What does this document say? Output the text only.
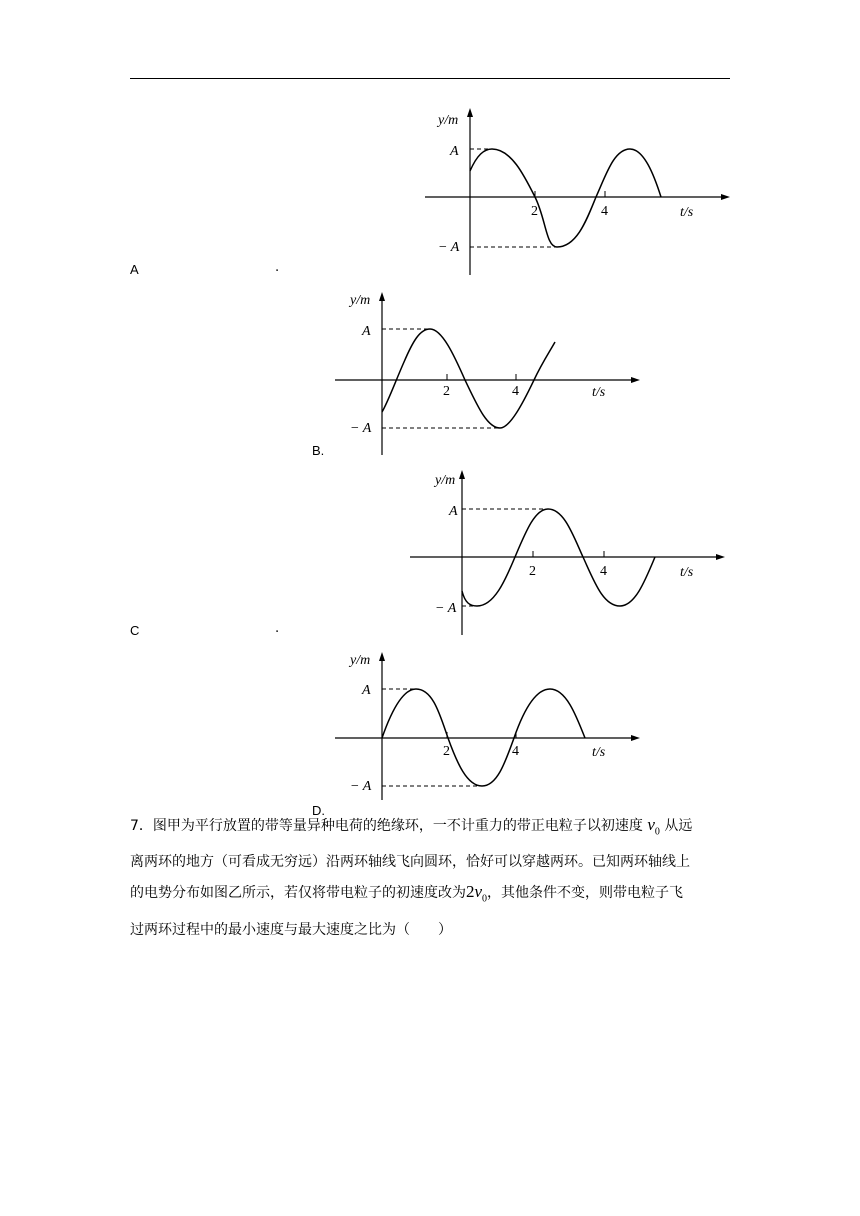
y/m
A
− A
2	4	t/s
A	.
y/m
A
− A
2	4	t/s
B.
y/m
A
− A
2	4	t/s
C	.
y/m
A
− A
2	4	t/s
D.

7．图甲为平行放置的带等量异种电荷的绝缘环，一不计重力的带正电粒子以初速度 $v_0$ 从远

离两环的地方（可看成无穷远）沿两环轴线飞向圆环，恰好可以穿越两环。已知两环轴线上

的电势分布如图乙所示，若仅将带电粒子的初速度改为$2v_0$，其他条件不变，则带电粒子飞

过两环过程中的最小速度与最大速度之比为（　　）
